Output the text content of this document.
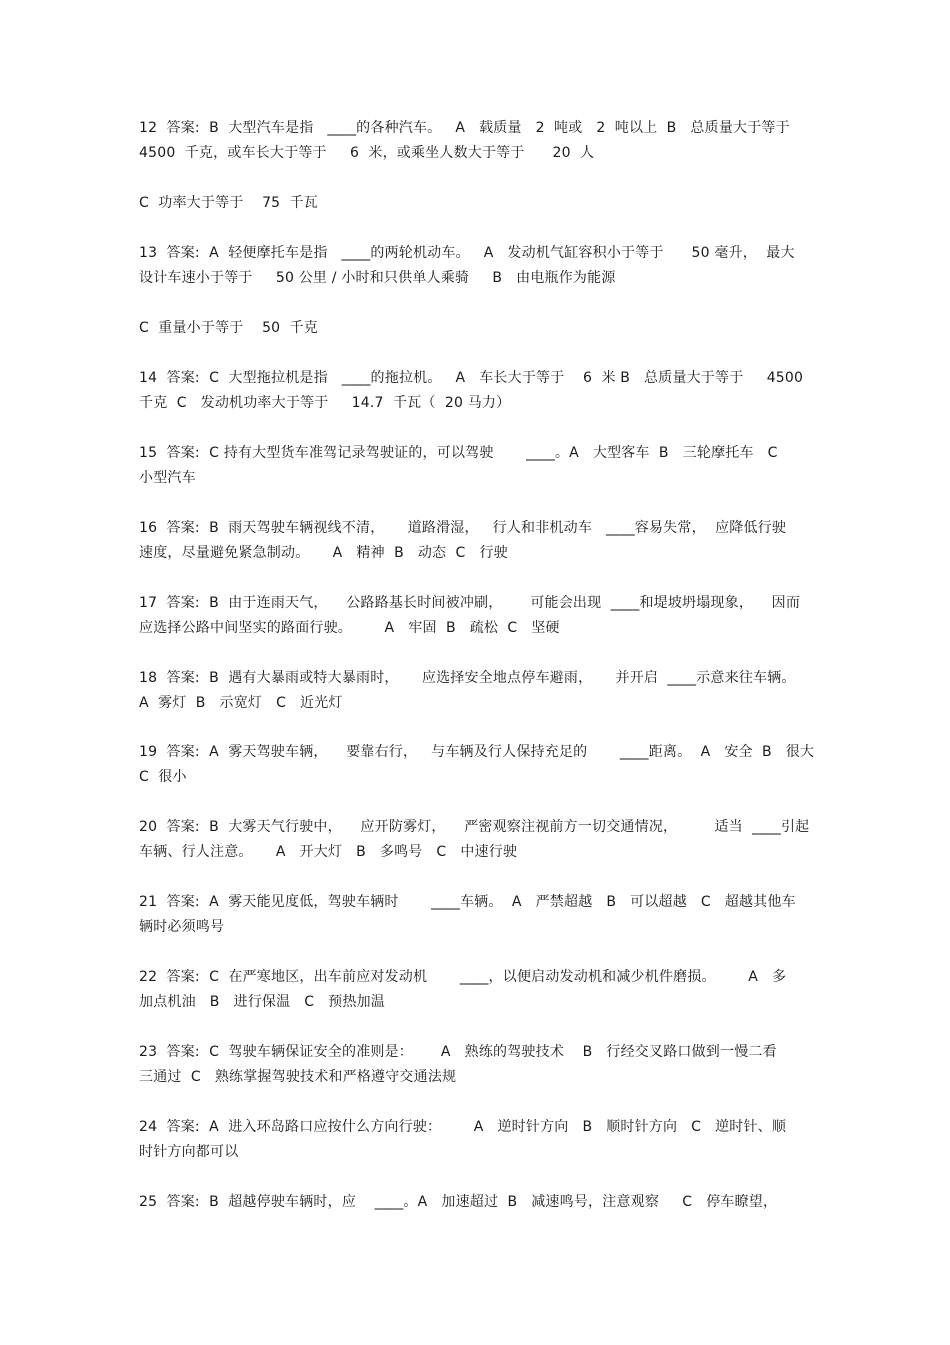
12  答案:  B  大型汽车是指   ____的各种汽车。   A   载质量   2  吨或   2  吨以上  B   总质量大于等于
4500  千克，或车长大于等于     6  米，或乘坐人数大于等于      20  人
C  功率大于等于    75  千瓦
13  答案:  A  轻便摩托车是指   ____的两轮机动车。   A   发动机气缸容积小于等于      50 毫升，  最大
设计车速小于等于     50 公里 / 小时和只供单人乘骑     B   由电瓶作为能源
C  重量小于等于    50  千克
14  答案:  C  大型拖拉机是指   ____的拖拉机。   A   车长大于等于    6  米 B   总质量大于等于     4500
千克  C   发动机功率大于等于     14.7  千瓦（  20 马力）
15  答案:  C 持有大型货车准驾记录驾驶证的，可以驾驶       ____。A   大型客车  B   三轮摩托车   C
小型汽车
16  答案:  B  雨天驾驶车辆视线不清，     道路滑湿，   行人和非机动车   ____容易失常，  应降低行驶
速度，尽量避免紧急制动。     A   精神  B   动态  C   行驶
17  答案:  B  由于连雨天气，    公路路基长时间被冲刷，      可能会出现  ____和堤坡坍塌现象，    因而
应选择公路中间坚实的路面行驶。       A   牢固  B   疏松  C   坚硬
18  答案:  B  遇有大暴雨或特大暴雨时，     应选择安全地点停车避雨，     并开启  ____示意来往车辆。
A  雾灯  B   示宽灯   C   近光灯
19  答案:  A  雾天驾驶车辆，    要靠右行，   与车辆及行人保持充足的       ____距离。  A   安全  B   很大
C  很小
20  答案:  B  大雾天气行驶中，    应开防雾灯，    严密观察注视前方一切交通情况，        适当  ____引起
车辆、行人注意。     A   开大灯   B   多鸣号   C   中速行驶
21  答案:  A  雾天能见度低，驾驶车辆时       ____车辆。  A   严禁超越   B   可以超越   C   超越其他车
辆时必须鸣号
22  答案:  C  在严寒地区，出车前应对发动机       ____，以便启动发动机和减少机件磨损。       A   多
加点机油   B   进行保温   C   预热加温
23  答案:  C  驾驶车辆保证安全的准则是：      A   熟练的驾驶技术    B   行经交叉路口做到一慢二看
三通过  C   熟练掌握驾驶技术和严格遵守交通法规
24  答案:  A  进入环岛路口应按什么方向行驶：       A   逆时针方向   B   顺时针方向   C   逆时针、顺
时针方向都可以
25  答案:  B  超越停驶车辆时，应    ____。A   加速超过  B   减速鸣号，注意观察     C   停车瞭望，
